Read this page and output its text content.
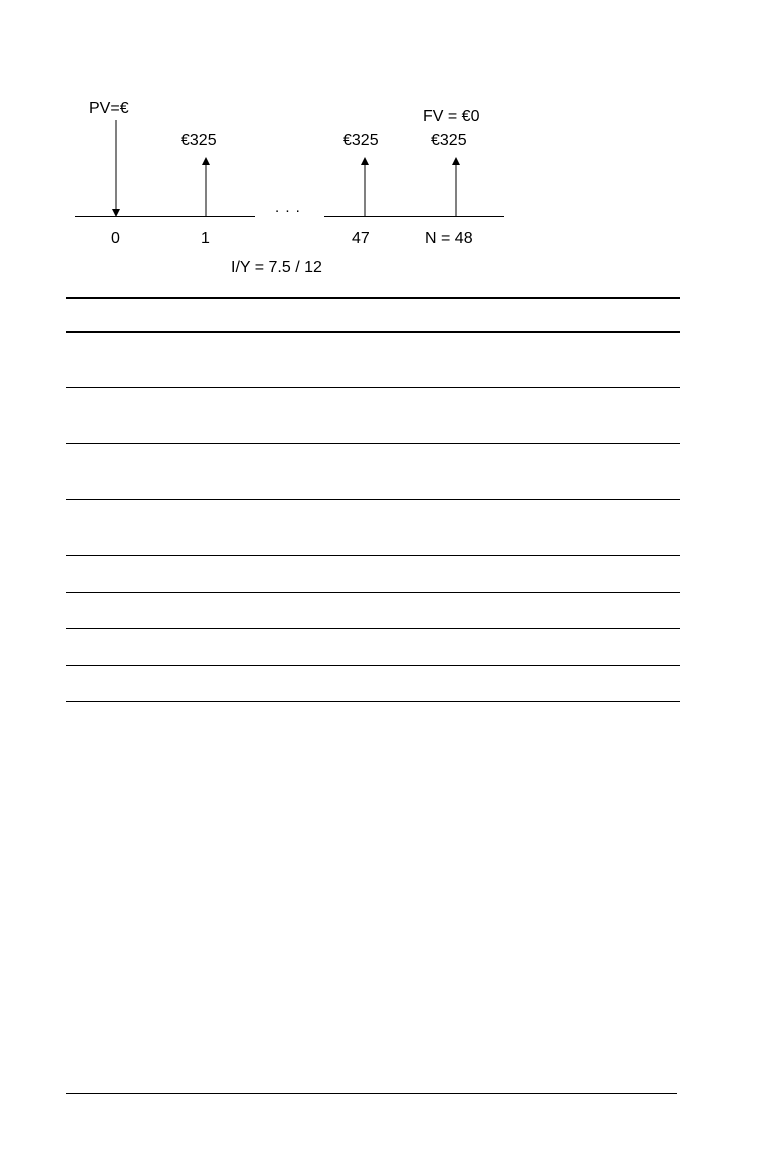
PV=€	FV = €0
€325	€325	€325
. . .
0	1	47	N = 48
I/Y = 7.5 / 12
